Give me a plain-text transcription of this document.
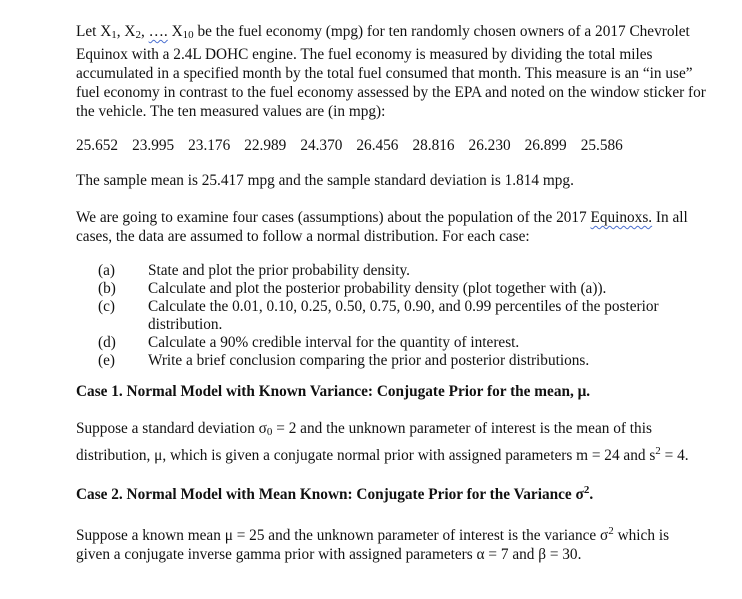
Let X1, X2, …. X10 be the fuel economy (mpg) for ten randomly chosen owners of a 2017 Chevrolet Equinox with a 2.4L DOHC engine. The fuel economy is measured by dividing the total miles accumulated in a specified month by the total fuel consumed that month. This measure is an “in use” fuel economy in contrast to the fuel economy assessed by the EPA and noted on the window sticker for the vehicle. The ten measured values are (in mpg):

25.652 23.995 23.176 22.989 24.370 26.456 28.816 26.230 26.899 25.586

The sample mean is 25.417 mpg and the sample standard deviation is 1.814 mpg.

We are going to examine four cases (assumptions) about the population of the 2017 Equinoxs. In all cases, the data are assumed to follow a normal distribution. For each case:

(a)	State and plot the prior probability density.
(b)	Calculate and plot the posterior probability density (plot together with (a)).
(c)	Calculate the 0.01, 0.10, 0.25, 0.50, 0.75, 0.90, and 0.99 percentiles of the posterior distribution.
(d)	Calculate a 90% credible interval for the quantity of interest.
(e)	Write a brief conclusion comparing the prior and posterior distributions.

Case 1. Normal Model with Known Variance: Conjugate Prior for the mean, μ.

Suppose a standard deviation σ0 = 2 and the unknown parameter of interest is the mean of this distribution, μ, which is given a conjugate normal prior with assigned parameters m = 24 and $s^2 = 4$.

Case 2. Normal Model with Mean Known: Conjugate Prior for the Variance $\sigma^2$.

Suppose a known mean μ = 25 and the unknown parameter of interest is the variance $\sigma^2$ which is given a conjugate inverse gamma prior with assigned parameters α = 7 and β = 30.
